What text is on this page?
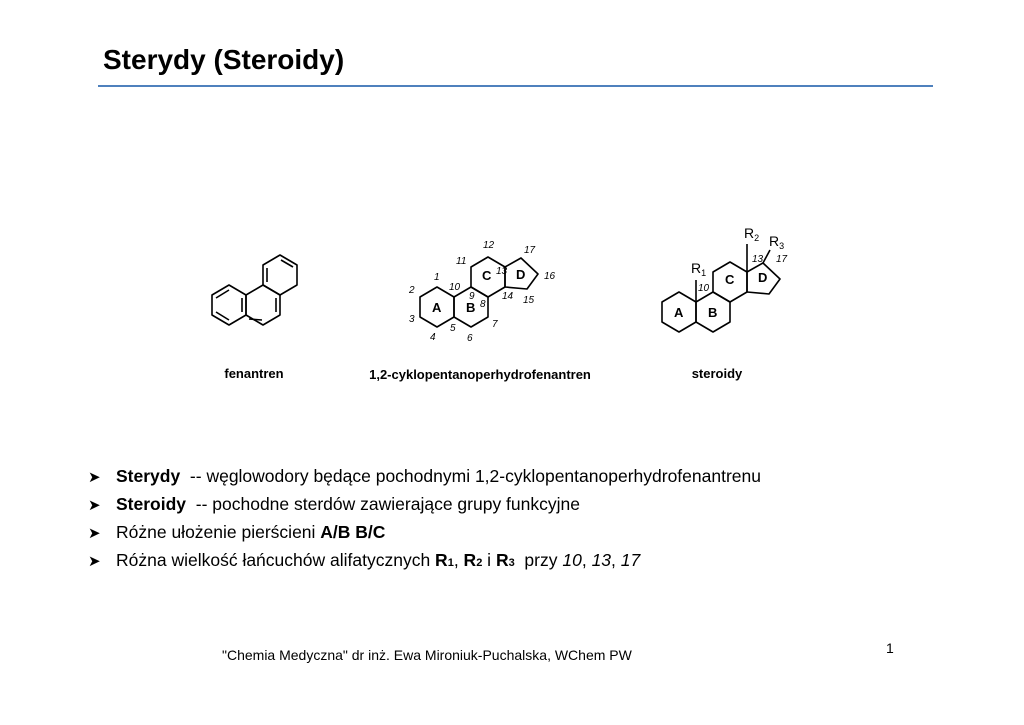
Sterydy (Steroidy)
fenantren	1,2-cyklopentanoperhydrofenantren	steroidy
A B
C D
1
2
3
4
5
6
7
8
9
10
11
12
13
14 15
16
17
A B
C D
$R_1$
$R_2$ $R_3$
10
13 17
➤ Sterydy -- węglowodory będące pochodnymi 1,2-cyklopentanoperhydrofenantrenu
➤ Steroidy -- pochodne sterdów zawierające grupy funkcyjne
➤ Różne ułożenie pierścieni A/B B/C
➤ Różna wielkość łańcuchów alifatycznych R 1 , R 2 i R 3 przy 10 , 13 , 17
"Chemia Medyczna" dr inż. Ewa Mironiuk-Puchalska, WChem PW	1
